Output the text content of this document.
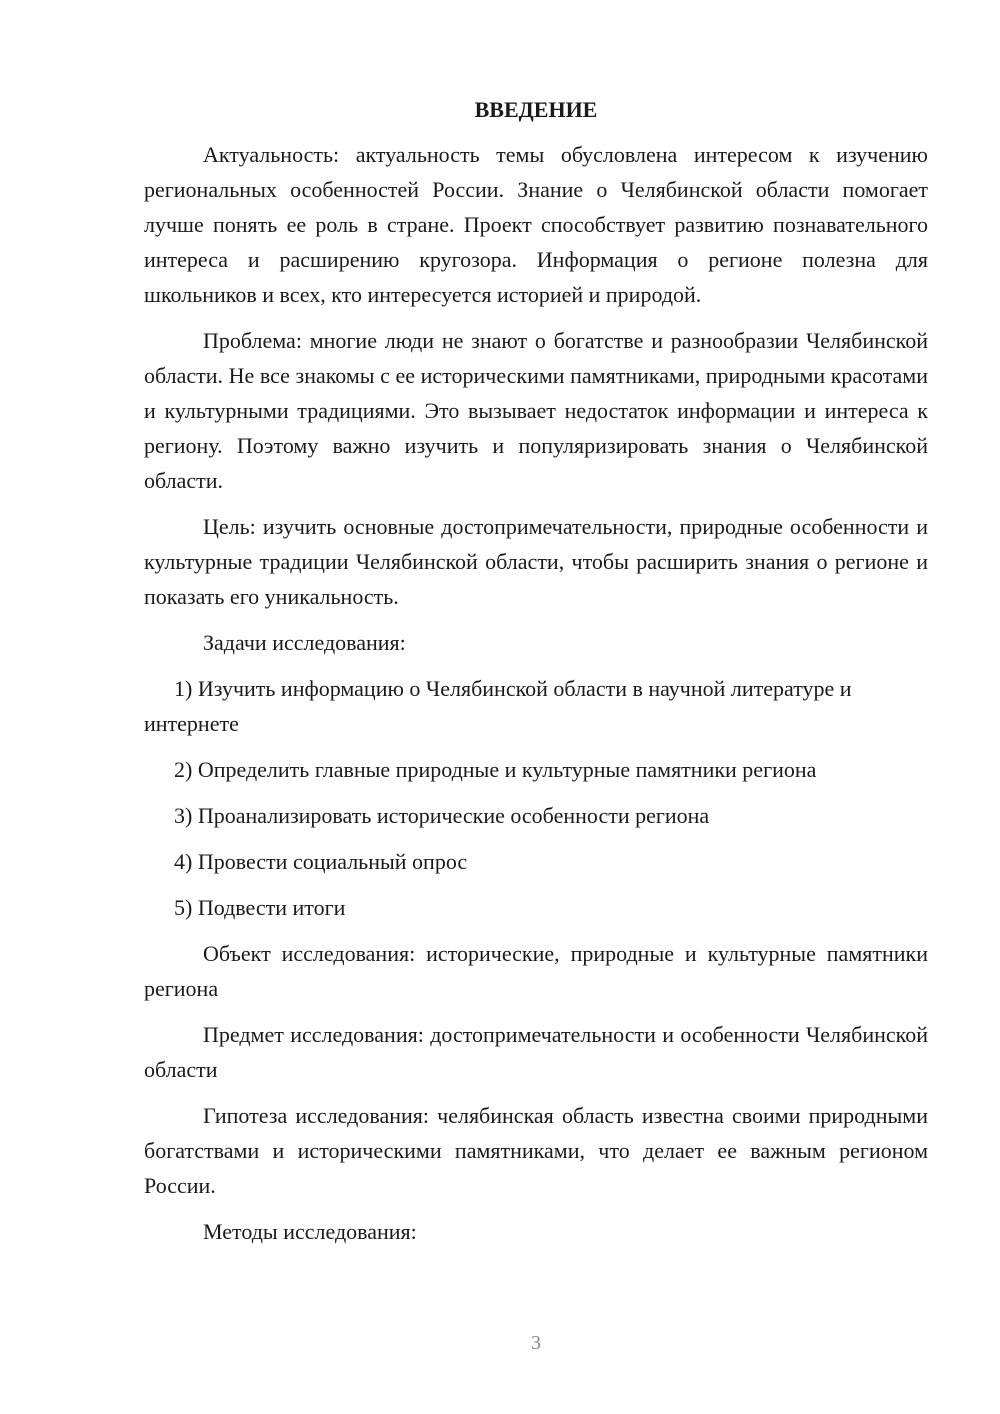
ВВЕДЕНИЕ

Актуальность: актуальность темы обусловлена интересом к изучению региональных особенностей России. Знание о Челябинской области помогает лучше понять ее роль в стране. Проект способствует развитию познавательного интереса и расширению кругозора. Информация о регионе полезна для школьников и всех, кто интересуется историей и природой.

Проблема: многие люди не знают о богатстве и разнообразии Челябинской области. Не все знакомы с ее историческими памятниками, природными красотами и культурными традициями. Это вызывает недостаток информации и интереса к региону. Поэтому важно изучить и популяризировать знания о Челябинской области.

Цель: изучить основные достопримечательности, природные особенности и культурные традиции Челябинской области, чтобы расширить знания о регионе и показать его уникальность.

Задачи исследования:

1) Изучить информацию о Челябинской области в научной литературе и интернете

2) Определить главные природные и культурные памятники региона

3) Проанализировать исторические особенности региона

4) Провести социальный опрос

5) Подвести итоги

Объект исследования: исторические, природные и культурные памятники региона

Предмет исследования: достопримечательности и особенности Челябинской области

Гипотеза исследования: челябинская область известна своими природными богатствами и историческими памятниками, что делает ее важным регионом России.

Методы исследования:

3
